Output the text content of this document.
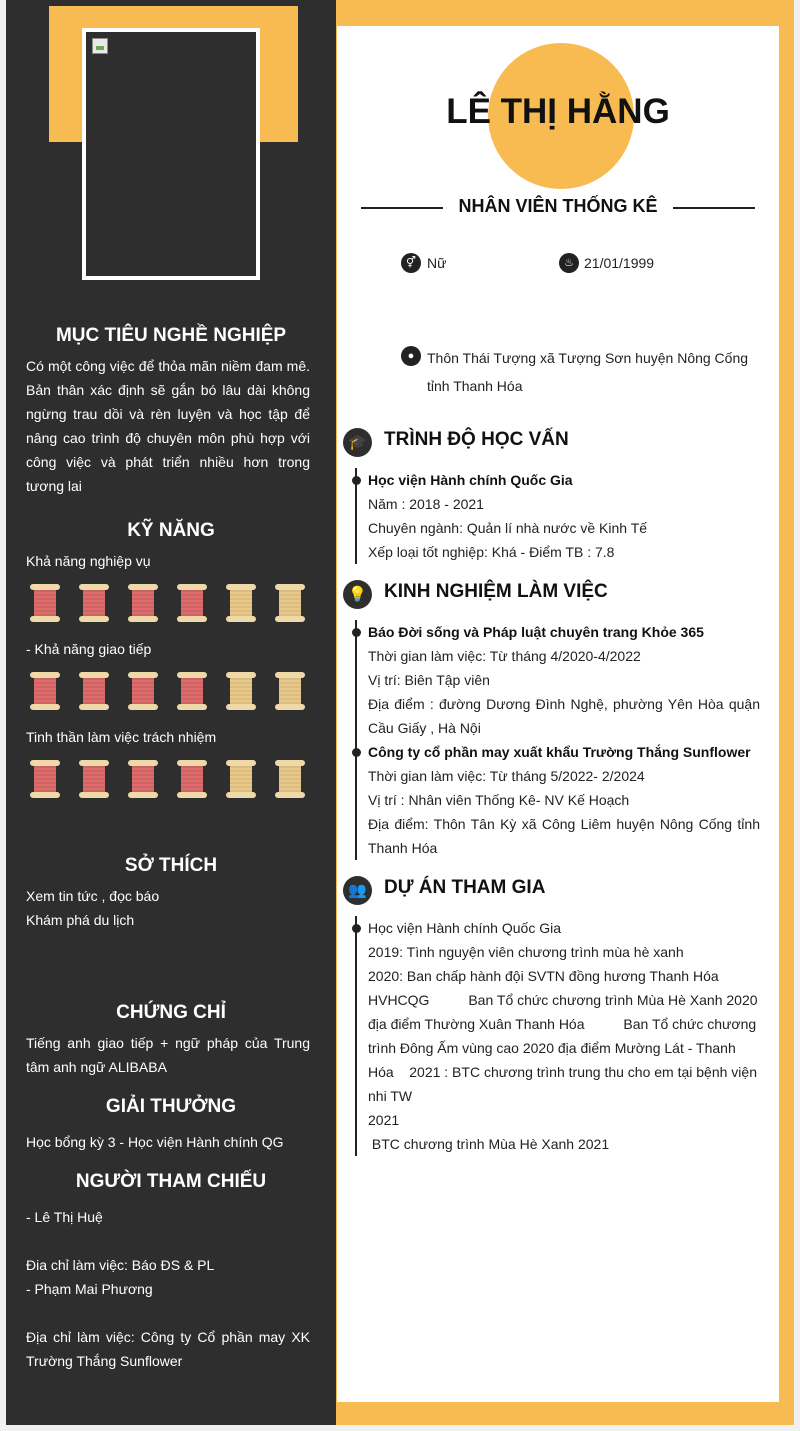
MỤC TIÊU NGHỀ NGHIỆP
Có một công việc để thỏa mãn niềm đam mê. Bản thân xác định sẽ gắn bó lâu dài không ngừng trau dồi và rèn luyện và học tập để nâng cao trình độ chuyên môn phù hợp với công việc và phát triển nhiều hơn trong tương lai
KỸ NĂNG
Khả năng nghiệp vụ
- Khả năng giao tiếp
Tinh thần làm việc trách nhiệm
SỞ THÍCH
Xem tin tức , đọc báo
Khám phá du lịch
CHỨNG CHỈ
Tiếng anh giao tiếp + ngữ pháp của Trung tâm anh ngữ ALIBABA
GIẢI THƯỞNG
Học bổng kỳ 3 - Học viện Hành chính QG
NGƯỜI THAM CHIẾU
- Lê Thị Huệ
Đia chỉ làm việc: Báo ĐS & PL
- Phạm Mai Phương
Địa chỉ làm việc: Công ty Cổ phần may XK Trường Thắng Sunflower
LÊ THỊ HẰNG
NHÂN VIÊN THỐNG KÊ
⚥ Nữ	♨ 21/01/1999
● Thôn Thái Tượng xã Tượng Sơn huyện Nông Cống tỉnh Thanh Hóa
🎓 TRÌNH ĐỘ HỌC VẤN
Học viện Hành chính Quốc Gia
Năm : 2018 - 2021
Chuyên ngành: Quản lí nhà nước về Kinh Tế
Xếp loại tốt nghiệp: Khá - Điểm TB : 7.8
💡 KINH NGHIỆM LÀM VIỆC
Báo Đời sống và Pháp luật chuyên trang Khỏe 365
Thời gian làm việc: Từ tháng 4/2020-4/2022
Vị trí: Biên Tập viên
Địa điểm : đường Dương Đình Nghệ, phường Yên Hòa quận Cầu Giấy , Hà Nội
Công ty cổ phần may xuất khẩu Trường Thắng Sunflower
Thời gian làm việc: Từ tháng 5/2022- 2/2024
Vị trí : Nhân viên Thống Kê- NV Kế Hoạch
Địa điểm: Thôn Tân Kỳ xã Công Liêm huyện Nông Cống tỉnh Thanh Hóa
👥 DỰ ÁN THAM GIA
Học viện Hành chính Quốc Gia
2019: Tình nguyện viên chương trình mùa hè xanh
2020: Ban chấp hành đội SVTN đồng hương Thanh Hóa
HVHCQG          Ban Tổ chức chương trình Mùa Hè Xanh 2020
địa điểm Thường Xuân Thanh Hóa          Ban Tổ chức chương
trình Đông Ấm vùng cao 2020 địa điểm Mường Lát - Thanh
Hóa    2021 : BTC chương trình trung thu cho em tại bệnh viện
nhi TW
2021
BTC chương trình Mùa Hè Xanh 2021
